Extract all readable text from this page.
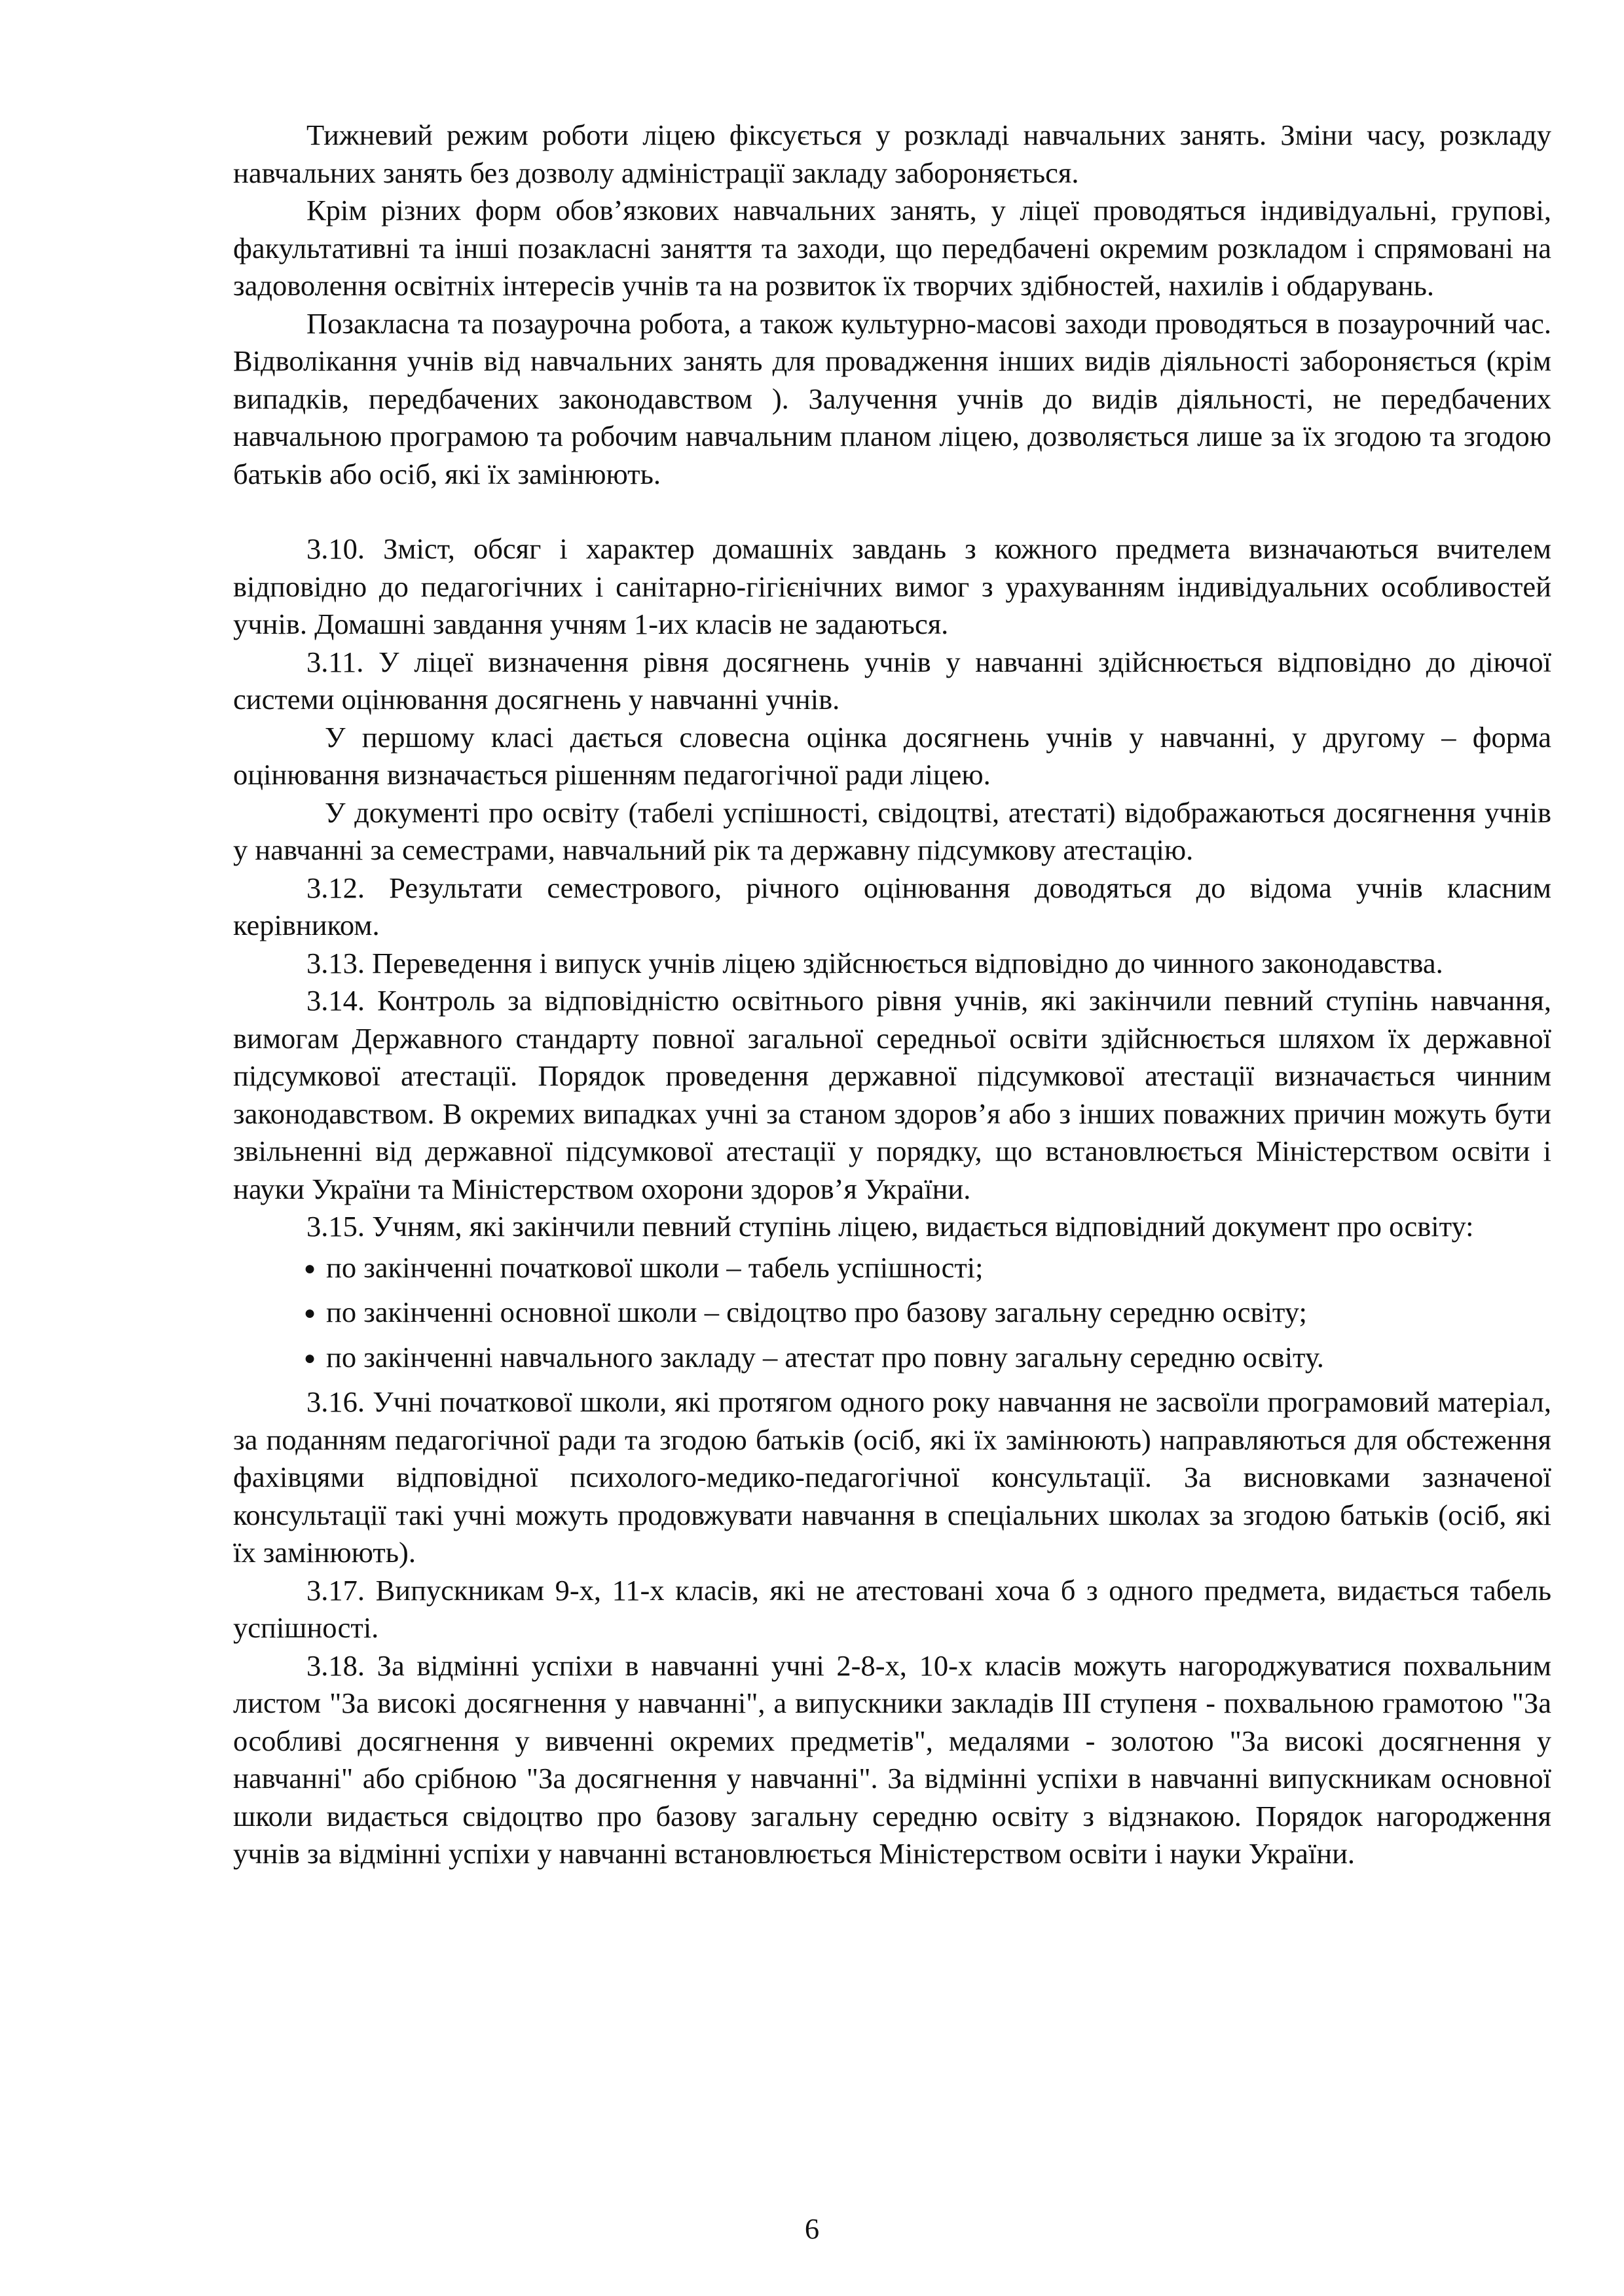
Тижневий режим роботи ліцею фіксується у розкладі навчальних занять. Зміни часу, розкладу навчальних занять без дозволу адміністрації закладу забороняється.

Крім різних форм обов’язкових навчальних занять, у ліцеї проводяться індивідуальні, групові, факультативні та інші позакласні заняття та заходи, що передбачені окремим розкладом і спрямовані на задоволення освітніх інтересів учнів та на розвиток їх творчих здібностей, нахилів і обдарувань.

Позакласна та позаурочна робота, а також культурно-масові заходи проводяться в позаурочний час. Відволікання учнів від навчальних занять для провадження інших видів діяльності забороняється (крім випадків, передбачених законодавством ). Залучення учнів до видів діяльності, не передбачених навчальною програмою та робочим навчальним планом ліцею, дозволяється лише за їх згодою та згодою батьків або осіб, які їх замінюють.

3.10. Зміст, обсяг і характер домашніх завдань з кожного предмета визначаються вчителем відповідно до педагогічних і санітарно-гігієнічних вимог з урахуванням індивідуальних особливостей учнів. Домашні завдання учням 1-их класів не задаються.

3.11. У ліцеї визначення рівня досягнень учнів у навчанні здійснюється відповідно до діючої системи оцінювання досягнень у навчанні учнів.

У першому класі дається словесна оцінка досягнень учнів у навчанні, у другому – форма оцінювання визначається рішенням педагогічної ради ліцею.

У документі про освіту (табелі успішності, свідоцтві, атестаті) відображаються досягнення учнів у навчанні за семестрами, навчальний рік та державну підсумкову атестацію.

3.12. Результати семестрового, річного оцінювання доводяться до відома учнів класним керівником.

3.13. Переведення і випуск учнів ліцею здійснюється відповідно до чинного законодавства.

3.14. Контроль за відповідністю освітнього рівня учнів, які закінчили певний ступінь навчання, вимогам Державного стандарту повної загальної середньої освіти здійснюється шляхом їх державної підсумкової атестації. Порядок проведення державної підсумкової атестації визначається чинним законодавством. В окремих випадках учні за станом здоров’я або з інших поважних причин можуть бути звільненні від державної підсумкової атестації у порядку, що встановлюється Міністерством освіти і науки України та Міністерством охорони здоров’я України.

3.15. Учням, які закінчили певний ступінь ліцею, видається відповідний документ про освіту:

● по закінченні початкової школи – табель успішності;
● по закінченні основної школи – свідоцтво про базову загальну середню освіту;
● по закінченні навчального закладу – атестат про повну загальну середню освіту.

3.16. Учні початкової школи, які протягом одного року навчання не засвоїли програмовий матеріал, за поданням педагогічної ради та згодою батьків (осіб, які їх замінюють) направляються для обстеження фахівцями відповідної психолого-медико-педагогічної консультації. За висновками зазначеної консультації такі учні можуть продовжувати навчання в спеціальних школах за згодою батьків (осіб, які їх замінюють).

3.17. Випускникам 9-х, 11-х класів, які не атестовані хоча б з одного предмета, видається табель успішності.

3.18. За відмінні успіхи в навчанні учні 2-8-х, 10-х класів можуть нагороджуватися похвальним листом "За високі досягнення у навчанні", а випускники закладів ІІІ ступеня - похвальною грамотою "За особливі досягнення у вивченні окремих предметів", медалями - золотою "За високі досягнення у навчанні" або срібною "За досягнення у навчанні". За відмінні успіхи в навчанні випускникам основної школи видається свідоцтво про базову загальну середню освіту з відзнакою. Порядок нагородження учнів за відмінні успіхи у навчанні встановлюється Міністерством освіти і науки України.

6
